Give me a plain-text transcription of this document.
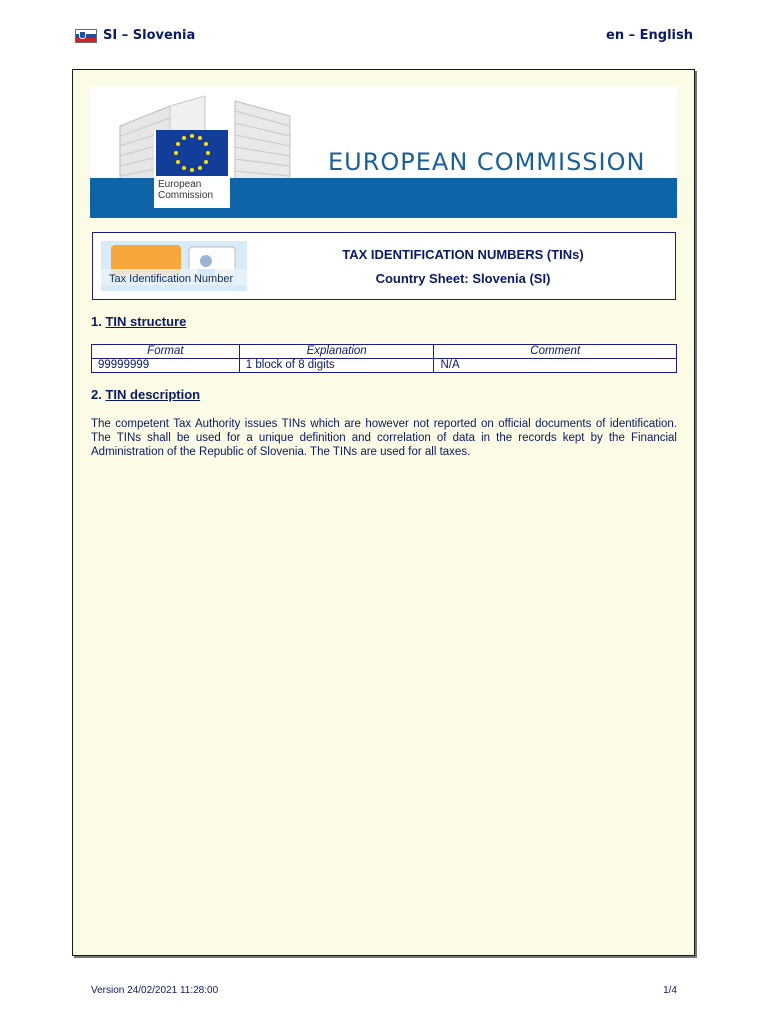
SI – Slovenia	en – English
European
Commission
EUROPEAN COMMISSION
Tax Identification Number
TAX IDENTIFICATION NUMBERS (TINs)
Country Sheet: Slovenia (SI)
1. TIN structure
Format	Explanation	Comment
99999999	1 block of 8 digits	N/A
2. TIN description

The competent Tax Authority issues TINs which are however not reported on official documents of identification. The TINs shall be used for a unique definition and correlation of data in the records kept by the Financial Administration of the Republic of Slovenia. The TINs are used for all taxes.

Version 24/02/2021 11:28:00	1/4
